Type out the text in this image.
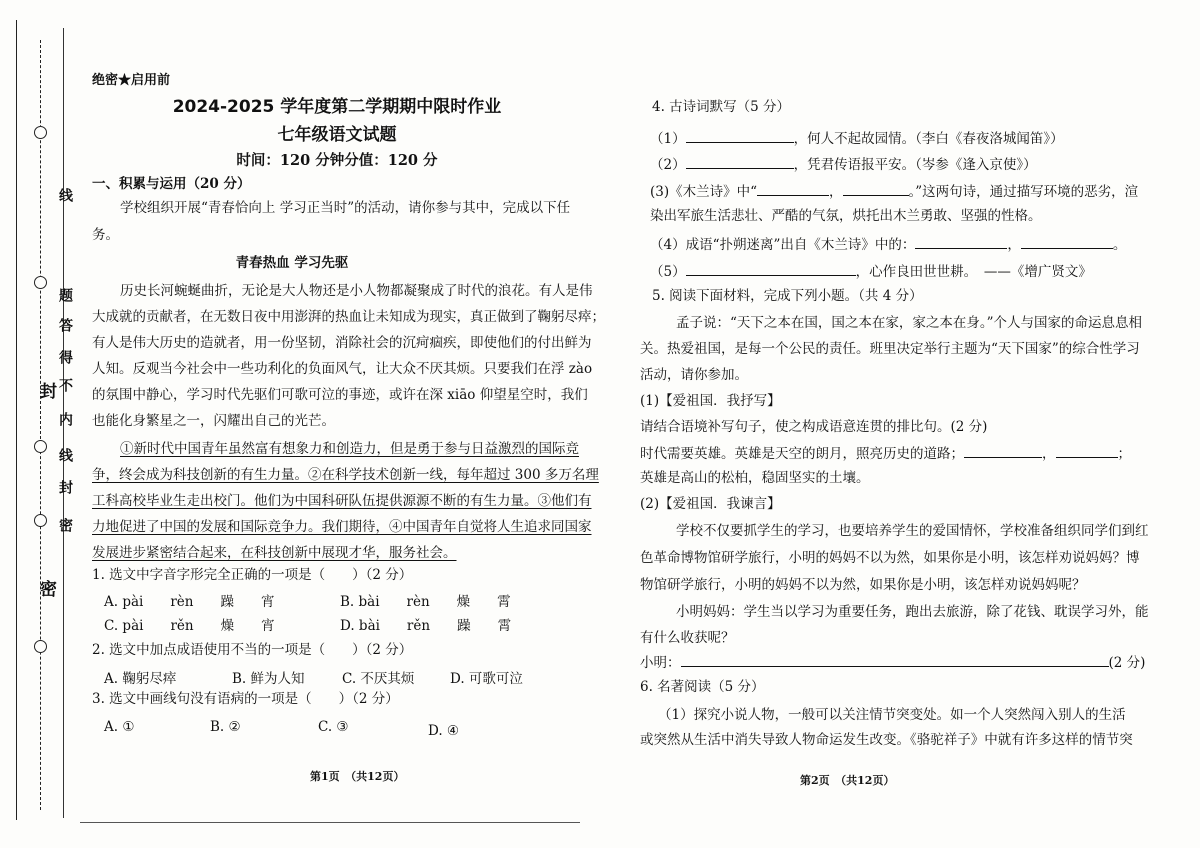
线
题
答
得
不
封
内
线
封
密
密
绝密★启用前
2024-2025 学年度第二学期期中限时作业
七年级语文试题
时间：120 分钟分值：120 分
一、积累与运用（20 分）
学校组织开展“青春恰向上 学习正当时”的活动，请你参与其中，完成以下任
务。
青春热血 学习先驱
历史长河蜿蜒曲折，无论是大人物还是小人物都凝聚成了时代的浪花。有人是伟
大成就的贡献者，在无数日夜中用澎湃的热血让未知成为现实，真正做到了鞠躬尽瘁；
有人是伟大历史的造就者，用一份坚韧，消除社会的沉疴痼疾，即使他们的付出鲜为
人知。反观当今社会中一些功利化的负面风气，让大众不厌其烦。只要我们在浮 zào
的氛围中静心，学习时代先驱们可歌可泣的事迹，或许在深 xiāo 仰望星空时，我们
也能化身繁星之一，闪耀出自己的光芒。
①新时代中国青年虽然富有想象力和创造力，但是勇于参与日益激烈的国际竞
争，终会成为科技创新的有生力量。②在科学技术创新一线，每年超过 300 多万名理
工科高校毕业生走出校门。他们为中国科研队伍提供源源不断的有生力量。③他们有
力地促进了中国的发展和国际竞争力。我们期待，④中国青年自觉将人生追求同国家
发展进步紧密结合起来，在科技创新中展现才华，服务社会。
1. 选文中字音字形完全正确的一项是（　　）（2 分）
A. pài　　rèn　　躁　　宵	B. bài　　rèn　　燥　　霄
C. pài　　rěn　　燥　　宵	D. bài　　rěn　　躁　　霄
2. 选文中加点成语使用不当的一项是（　　）（2 分）
A. 鞠躬尽瘁	B. 鲜为人知	C. 不厌其烦	D. 可歌可泣
3. 选文中画线句没有语病的一项是（　　）（2 分）
A. ①	B. ②	C. ③	D. ④
第1页　（共12页）
4. 古诗词默写（5 分）
（1）	，何人不起故园情。（李白《春夜洛城闻笛》）
（2）	，凭君传语报平安。（岑参《逢入京使》）
(3)《木兰诗》中“	，	。”这两句诗，通过描写环境的恶劣，渲
染出军旅生活悲壮、严酷的气氛，烘托出木兰勇敢、坚强的性格。
（4）成语“扑朔迷离”出自《木兰诗》中的：	，	。
（5）	，心作良田世世耕。　——《增广贤文》
5. 阅读下面材料，完成下列小题。（共 4 分）
孟子说：“天下之本在国，国之本在家，家之本在身。”个人与国家的命运息息相
关。热爱祖国，是每一个公民的责任。班里决定举行主题为“天下国家”的综合性学习
活动，请你参加。
(1)【爱祖国．我抒写】
请结合语境补写句子，使之构成语意连贯的排比句。(2 分)
时代需要英雄。英雄是天空的朗月，照亮历史的道路；	，	；
英雄是高山的松柏，稳固坚实的土壤。
(2)【爱祖国．我谏言】
学校不仅要抓学生的学习，也要培养学生的爱国情怀，学校准备组织同学们到红
色革命博物馆研学旅行，小明的妈妈不以为然，如果你是小明，该怎样劝说妈妈？博
物馆研学旅行，小明的妈妈不以为然，如果你是小明，该怎样劝说妈妈呢？
小明妈妈：学生当以学习为重要任务，跑出去旅游，除了花钱、耽误学习外，能
有什么收获呢？
小明：	(2 分)
6. 名著阅读（5 分）
（1）探究小说人物，一般可以关注情节突变处。如一个人突然闯入别人的生活
或突然从生活中消失导致人物命运发生改变。《骆驼祥子》中就有许多这样的情节突
第2页　（共12页）
